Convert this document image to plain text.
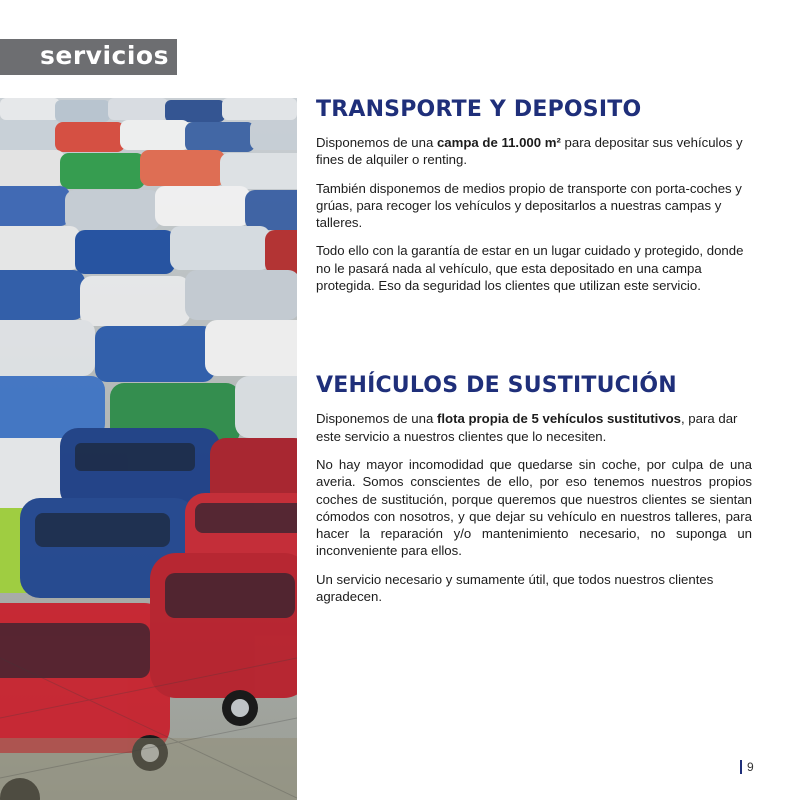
servicios
TRANSPORTE Y DEPOSITO

Disponemos de una campa de 11.000 m² para depositar sus vehículos y fines de alquiler o renting.

También disponemos de medios propio de transporte con porta-coches y grúas, para recoger los vehículos y depositarlos a nuestras campas y talleres.

Todo ello con la garantía de estar en un lugar cuidado y protegido, donde no le pasará nada al vehículo, que esta depositado en una campa protegida. Eso da seguridad los clientes que utilizan este servicio.

VEHÍCULOS DE SUSTITUCIÓN

Disponemos de una flota propia de 5 vehículos sustitutivos, para dar este servicio a nuestros clientes que lo necesiten.

No hay mayor incomodidad que quedarse sin coche, por culpa de una averia. Somos conscientes de ello, por eso tenemos nuestros propios coches de sustitución, porque queremos que nuestros clientes se sientan cómodos con nosotros, y que dejar su vehículo en nuestros talleres, para hacer la reparación y/o mantenimiento necesario, no suponga un inconveniente para ellos.

Un servicio necesario y sumamente útil, que todos nuestros clientes agradecen.

9
